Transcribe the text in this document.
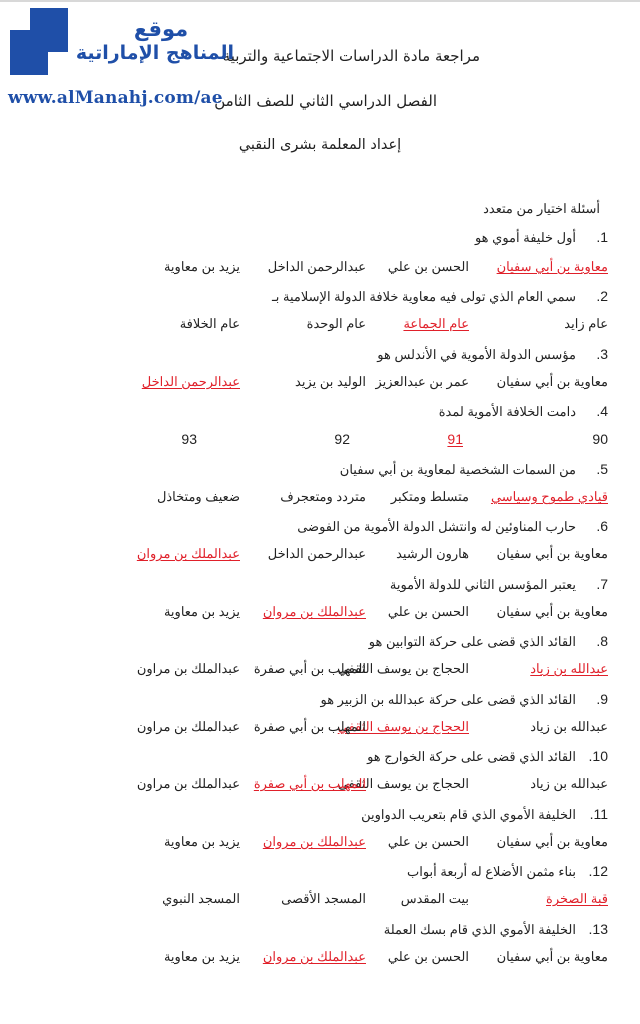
موقع
مراجعة مادة الدراسات الاجتماعية والتربية
المناهج الإماراتية
الفصل الدراسي الثاني للصف الثامن
www.alManahj.com/ae
إعداد المعلمة بشرى النقبي
أسئلة اختيار من متعدد
1.أول خليفة أموي هو
معاوية بن أبي سفيان
الحسن بن علي
عبدالرحمن الداخل
يزيد بن معاوية
2.سمي العام الذي تولى فيه معاوية خلافة الدولة الإسلامية بـ
عام زايد
عام الجماعة
عام الوحدة
عام الخلافة
3.مؤسس الدولة الأموية في الأندلس هو
معاوية بن أبي سفيان
عمر بن عبدالعزيز
الوليد بن يزيد
عبدالرحمن الداخل
4.دامت الخلافة الأموية لمدة
90
91
92
93
5.من السمات الشخصية لمعاوية بن أبي سفيان
قيادي طموح وسياسي
متسلط ومتكبر
متردد ومتعجرف
ضعيف ومتخاذل
6.حارب المناوئين له وانتشل الدولة الأموية من الفوضى
معاوية بن أبي سفيان
هارون الرشيد
عبدالرحمن الداخل
عبدالملك بن مروان
7.يعتبر المؤسس الثاني للدولة الأموية
معاوية بن أبي سفيان
الحسن بن علي
عبدالملك بن مروان
يزيد بن معاوية
8.القائد الذي قضى على حركة التوابين هو
عبدالله بن زياد
الحجاج بن يوسف الثقفي
المهلب بن أبي صفرة
عبدالملك بن مراون
9.القائد الذي قضى على حركة عبدالله بن الزبير هو
عبدالله بن زياد
الحجاج بن يوسف الثقفي
المهلب بن أبي صفرة
عبدالملك بن مراون
10.القائد الذي قضى على حركة الخوارج هو
عبدالله بن زياد
الحجاج بن يوسف الثقفي
المهلب بن أبي صفرة
عبدالملك بن مراون
11.الخليفة الأموي الذي قام بتعريب الدواوين
معاوية بن أبي سفيان
الحسن بن علي
عبدالملك بن مروان
يزيد بن معاوية
12.بناء مثمن الأضلاع له أربعة أبواب
قبة الصخرة
بيت المقدس
المسجد الأقصى
المسجد النبوي
13.الخليفة الأموي الذي قام بسك العملة
معاوية بن أبي سفيان
الحسن بن علي
عبدالملك بن مروان
يزيد بن معاوية
